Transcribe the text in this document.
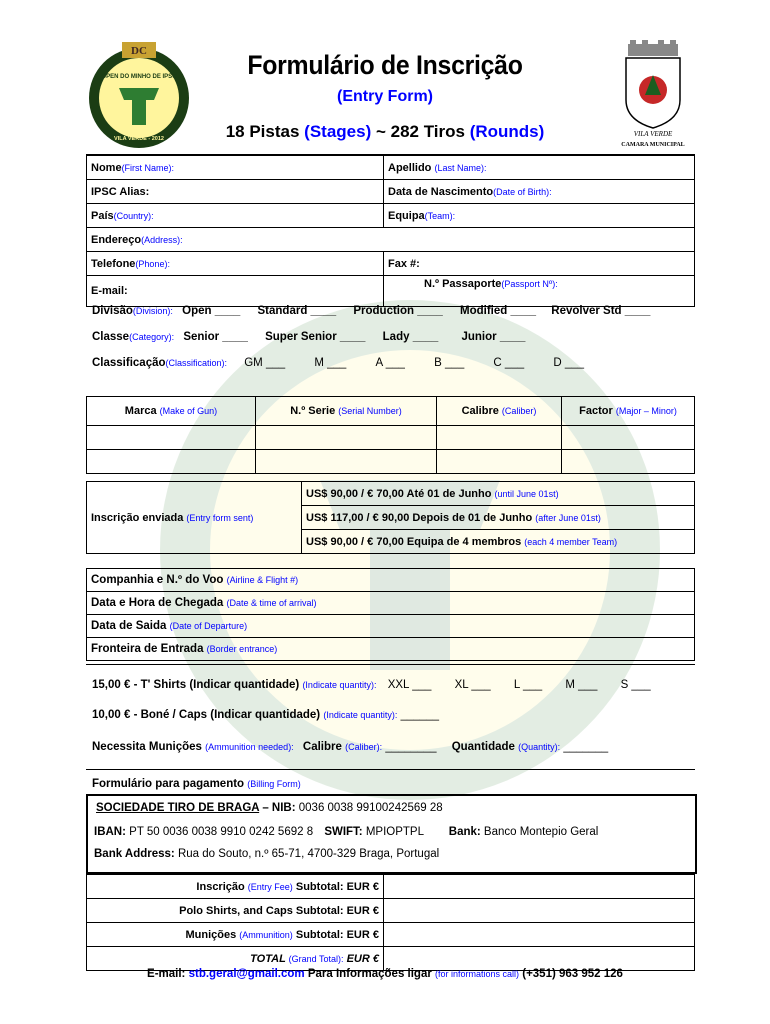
DC
OPEN DO MINHO DE IPSC
VILA VERDE - 2012
VILA VERDE
CAMARA MUNICIPAL
Formulário de Inscrição
(Entry Form)
18 Pistas (Stages) ~ 282 Tiros (Rounds)
Nome(First Name):	Apellido (Last Name):
IPSC Alias:	Data de Nascimento(Date of Birth):
País(Country):	Equipa(Team):
Endereço(Address):	
Telefone(Phone):	Fax #:
E-mail:	N.º Passaporte(Passport Nº):
Divisão(Division): Open ____ Standard ____ Production ____ Modified ____ Revolver Std ____
Classe(Category): Senior ____ Super Senior ____ Lady ____ Junior ____
Classificação(Classification): GM ___	M ___	A ___	B ___	C ___	D ___
Marca (Make of Gun)	N.º Serie (Serial Number)	Calibre (Caliber)	Factor (Major – Minor)

Inscrição enviada (Entry form sent)	US$ 90,00 / € 70,00 Até 01 de Junho (until June 01st)
US$ 117,00 / € 90,00 Depois de 01 de Junho (after June 01st)
US$ 90,00 / € 70,00 Equipa de 4 membros (each 4 member Team)
Companhia e N.º do Voo (Airline & Flight #)
Data e Hora de Chegada (Date & time of arrival)
Data de Saida (Date of Departure)
Fronteira de Entrada (Border entrance)
15,00 € - T' Shirts (Indicar quantidade) (Indicate quantity): XXL ___ XL ___ L ___ M ___ S ___
10,00 € - Boné / Caps (Indicar quantidade) (Indicate quantity): ______
Necessita Munições (Ammunition needed): Calibre (Caliber): ________ Quantidade (Quantity): _______
Formulário para pagamento (Billing Form)
SOCIEDADE TIRO DE BRAGA – NIB: 0036 0038 99100242569 28
IBAN: PT 50 0036 0038 9910 0242 5692 8 SWIFT: MPIOPTPL Bank: Banco Montepio Geral
Bank Address: Rua do Souto, n.º 65-71, 4700-329 Braga, Portugal
Inscrição (Entry Fee) Subtotal: EUR €	
Polo Shirts, and Caps Subtotal: EUR €	
Munições (Ammunition) Subtotal: EUR €	
TOTAL (Grand Total): EUR €	
E-mail: stb.geral@gmail.com Para Informações ligar (for informations call) (+351) 963 952 126
